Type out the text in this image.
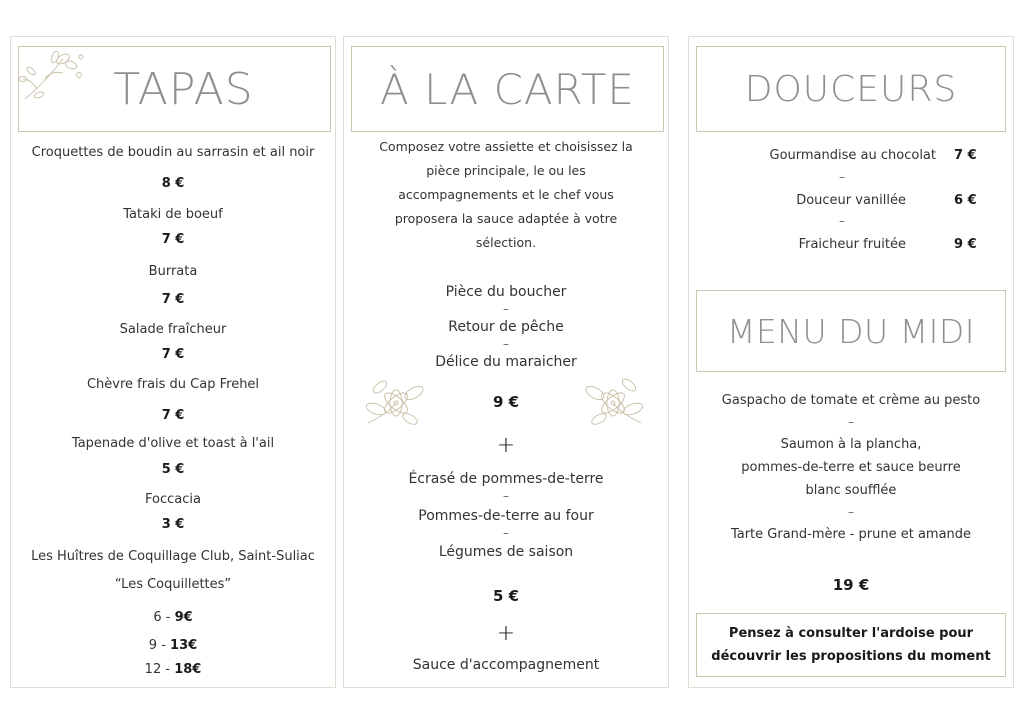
TAPAS
Croquettes de boudin au sarrasin et ail noir
8 €
Tataki de boeuf
7 €
Burrata
7 €
Salade fraîcheur
7 €
Chèvre frais du Cap Frehel
7 €
Tapenade d'olive et toast à l'ail
5 €
Foccacia
3 €
Les Huîtres de Coquillage Club, Saint-Suliac
“Les Coquillettes”
6 - 9€
9 - 13€
12 - 18€
À LA CARTE
Composez votre assiette et choisissez la
pièce principale, le ou les
accompagnements et le chef vous
proposera la sauce adaptée à votre
sélection.
Pièce du boucher
–
Retour de pêche
–
Délice du maraicher
9 €
+
Écrasé de pommes-de-terre
–
Pommes-de-terre au four
–
Légumes de saison
5 €
+
Sauce d'accompagnement
DOUCEURS
Gourmandise au chocolat 7 €
–
Douceur vanillée	6 €
–
Fraicheur fruitée	9 €
MENU DU MIDI
Gaspacho de tomate et crème au pesto
–
Saumon à la plancha,
pommes-de-terre et sauce beurre
blanc soufflée
–
Tarte Grand-mère - prune et amande
19 €
Pensez à consulter l'ardoise pour
découvrir les propositions du moment
